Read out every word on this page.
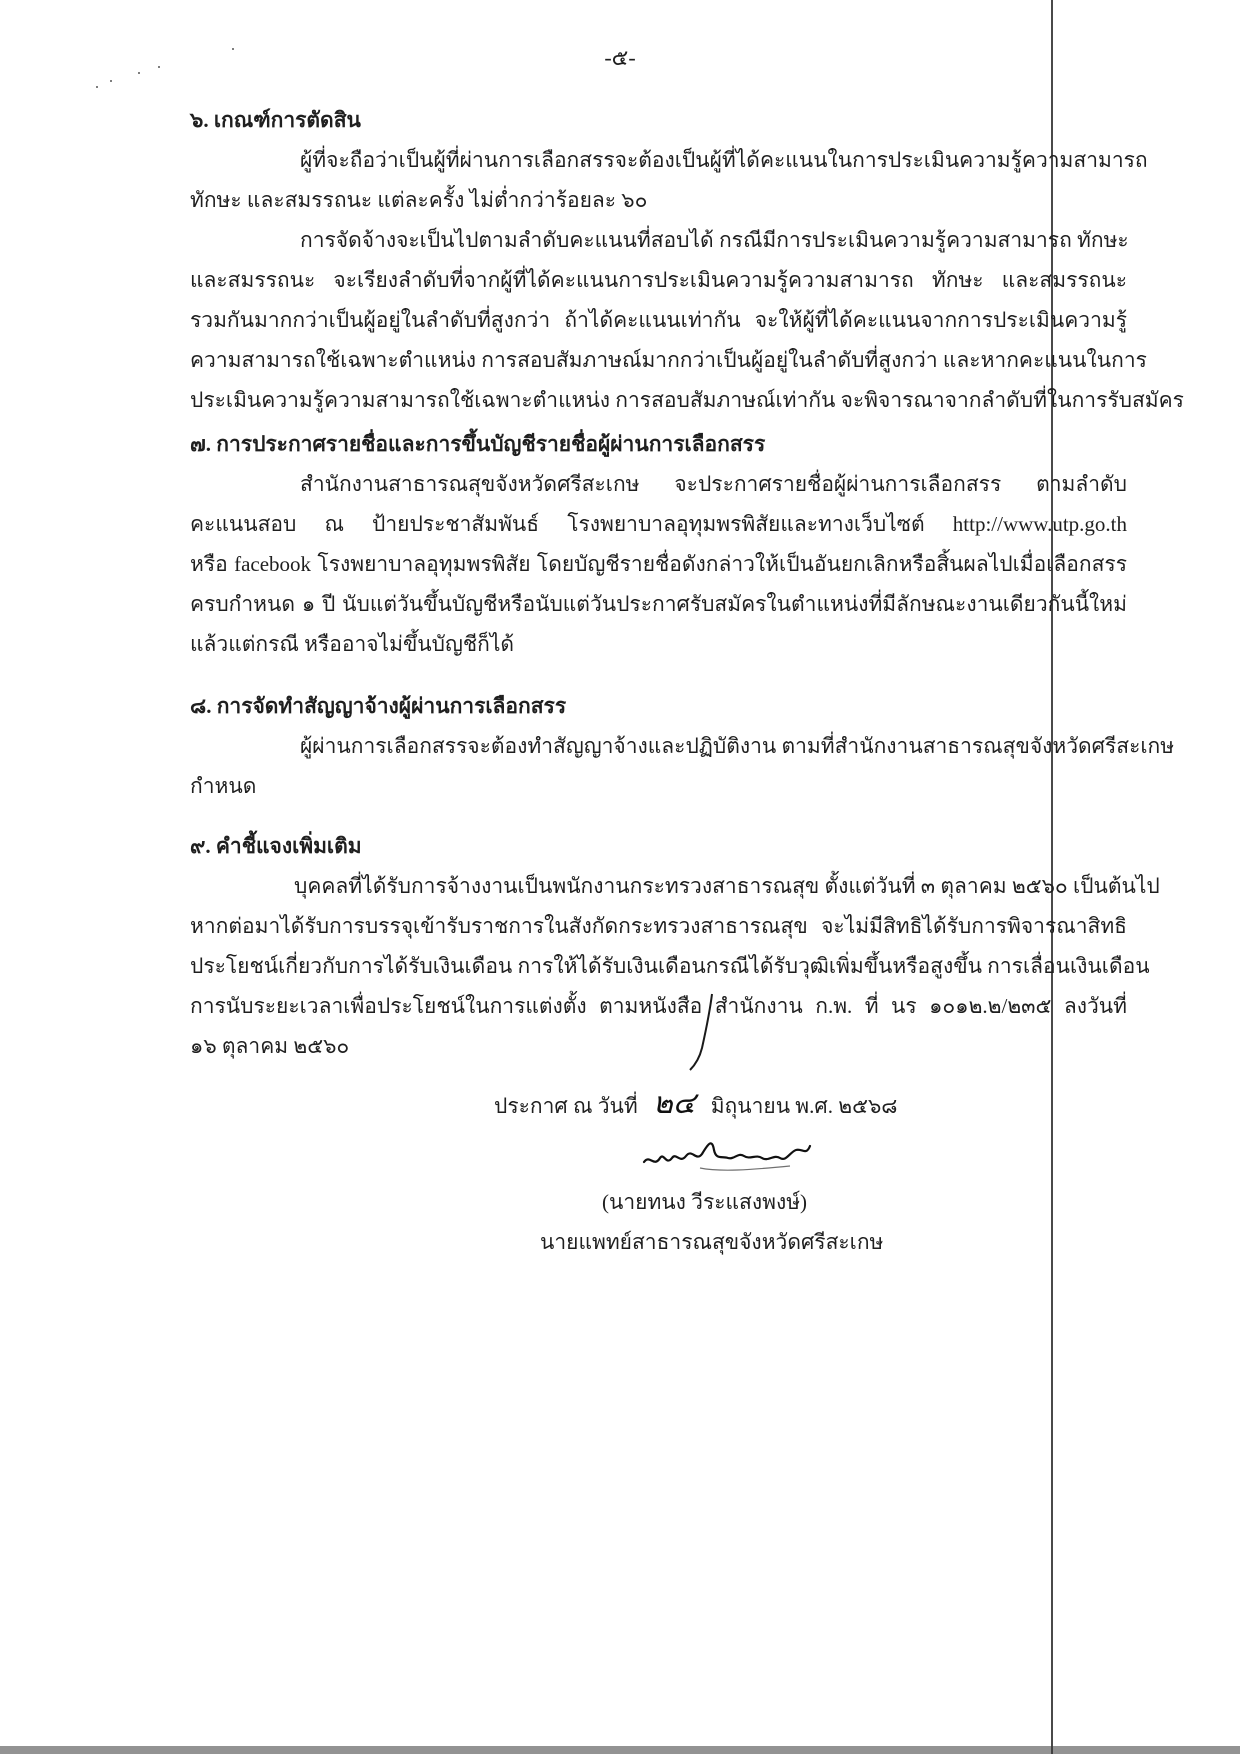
-๕-
๖. เกณฑ์การตัดสิน
ผู้ที่จะถือว่าเป็นผู้ที่ผ่านการเลือกสรรจะต้องเป็นผู้ที่ได้คะแนนในการประเมินความรู้ความสามารถ
ทักษะ และสมรรถนะ แต่ละครั้ง ไม่ต่ำกว่าร้อยละ ๖๐
การจัดจ้างจะเป็นไปตามลำดับคะแนนที่สอบได้ กรณีมีการประเมินความรู้ความสามารถ ทักษะ
และสมรรถนะ จะเรียงลำดับที่จากผู้ที่ได้คะแนนการประเมินความรู้ความสามารถ ทักษะ และสมรรถนะ
รวมกันมากกว่าเป็นผู้อยู่ในลำดับที่สูงกว่า ถ้าได้คะแนนเท่ากัน จะให้ผู้ที่ได้คะแนนจากการประเมินความรู้
ความสามารถใช้เฉพาะตำแหน่ง การสอบสัมภาษณ์มากกว่าเป็นผู้อยู่ในลำดับที่สูงกว่า และหากคะแนนในการ
ประเมินความรู้ความสามารถใช้เฉพาะตำแหน่ง การสอบสัมภาษณ์เท่ากัน จะพิจารณาจากลำดับที่ในการรับสมัคร
๗. การประกาศรายชื่อและการขึ้นบัญชีรายชื่อผู้ผ่านการเลือกสรร
สำนักงานสาธารณสุขจังหวัดศรีสะเกษ จะประกาศรายชื่อผู้ผ่านการเลือกสรร ตามลำดับ
คะแนนสอบ ณ ป้ายประชาสัมพันธ์ โรงพยาบาลอุทุมพรพิสัยและทางเว็บไซต์ http://www.utp.go.th
หรือ facebook โรงพยาบาลอุทุมพรพิสัย โดยบัญชีรายชื่อดังกล่าวให้เป็นอันยกเลิกหรือสิ้นผลไปเมื่อเลือกสรร
ครบกำหนด ๑ ปี นับแต่วันขึ้นบัญชีหรือนับแต่วันประกาศรับสมัครในตำแหน่งที่มีลักษณะงานเดียวกันนี้ใหม่
แล้วแต่กรณี หรืออาจไม่ขึ้นบัญชีก็ได้
๘. การจัดทำสัญญาจ้างผู้ผ่านการเลือกสรร
ผู้ผ่านการเลือกสรรจะต้องทำสัญญาจ้างและปฏิบัติงาน ตามที่สำนักงานสาธารณสุขจังหวัดศรีสะเกษ
กำหนด
๙. คำชี้แจงเพิ่มเติม
บุคคลที่ได้รับการจ้างงานเป็นพนักงานกระทรวงสาธารณสุข ตั้งแต่วันที่ ๓ ตุลาคม ๒๕๖๐ เป็นต้นไป
หากต่อมาได้รับการบรรจุเข้ารับราชการในสังกัดกระทรวงสาธารณสุข จะไม่มีสิทธิได้รับการพิจารณาสิทธิ
ประโยชน์เกี่ยวกับการได้รับเงินเดือน การให้ได้รับเงินเดือนกรณีได้รับวุฒิเพิ่มขึ้นหรือสูงขึ้น การเลื่อนเงินเดือน
การนับระยะเวลาเพื่อประโยชน์ในการแต่งตั้ง ตามหนังสือ สำนักงาน ก.พ. ที่ นร ๑๐๑๒.๒/๒๓๕ ลงวันที่
๑๖ ตุลาคม ๒๕๖๐
ประกาศ ณ วันที่ ๒๔ มิถุนายน พ.ศ. ๒๕๖๘
(นายทนง วีระแสงพงษ์)
นายแพทย์สาธารณสุขจังหวัดศรีสะเกษ
